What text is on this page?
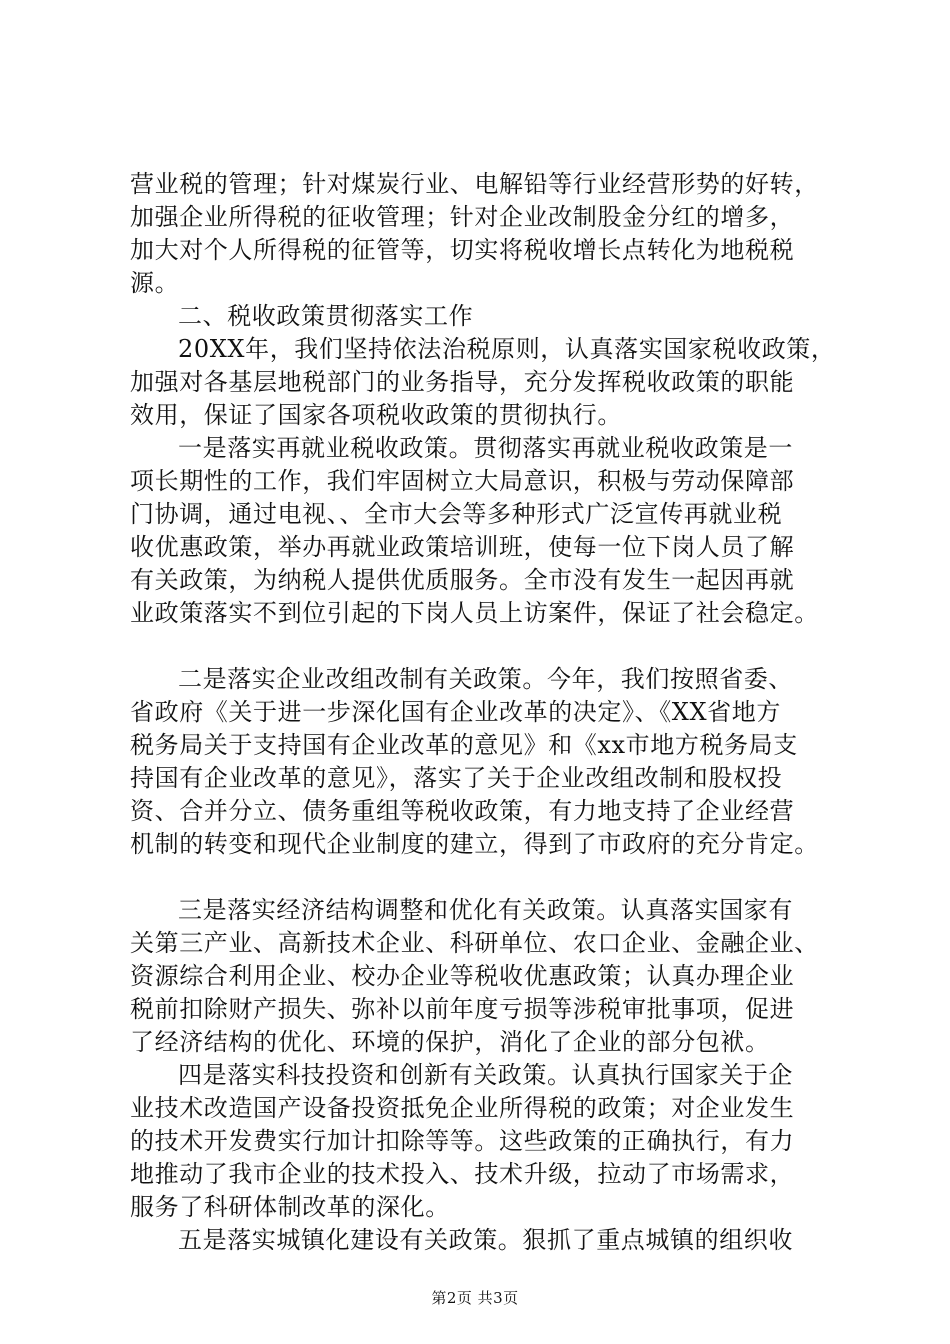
营业税的管理；针对煤炭行业、电解铅等行业经营形势的好转，
加强企业所得税的征收管理；针对企业改制股金分红的增多，
加大对个人所得税的征管等，切实将税收增长点转化为地税税
源。
二、税收政策贯彻落实工作
20XX年，我们坚持依法治税原则，认真落实国家税收政策，
加强对各基层地税部门的业务指导，充分发挥税收政策的职能
效用，保证了国家各项税收政策的贯彻执行。
一是落实再就业税收政策。贯彻落实再就业税收政策是一
项长期性的工作，我们牢固树立大局意识，积极与劳动保障部
门协调，通过电视、、全市大会等多种形式广泛宣传再就业税
收优惠政策，举办再就业政策培训班，使每一位下岗人员了解
有关政策，为纳税人提供优质服务。全市没有发生一起因再就
业政策落实不到位引起的下岗人员上访案件，保证了社会稳定。
二是落实企业改组改制有关政策。今年，我们按照省委、
省政府《关于进一步深化国有企业改革的决定》、《XX省地方
税务局关于支持国有企业改革的意见》和《xx市地方税务局支
持国有企业改革的意见》，落实了关于企业改组改制和股权投
资、合并分立、债务重组等税收政策，有力地支持了企业经营
机制的转变和现代企业制度的建立，得到了市政府的充分肯定。
三是落实经济结构调整和优化有关政策。认真落实国家有
关第三产业、高新技术企业、科研单位、农口企业、金融企业、
资源综合利用企业、校办企业等税收优惠政策；认真办理企业
税前扣除财产损失、弥补以前年度亏损等涉税审批事项，促进
了经济结构的优化、环境的保护，消化了企业的部分包袱。
四是落实科技投资和创新有关政策。认真执行国家关于企
业技术改造国产设备投资抵免企业所得税的政策；对企业发生
的技术开发费实行加计扣除等等。这些政策的正确执行，有力
地推动了我市企业的技术投入、技术升级，拉动了市场需求，
服务了科研体制改革的深化。
五是落实城镇化建设有关政策。狠抓了重点城镇的组织收
第2页 共3页
